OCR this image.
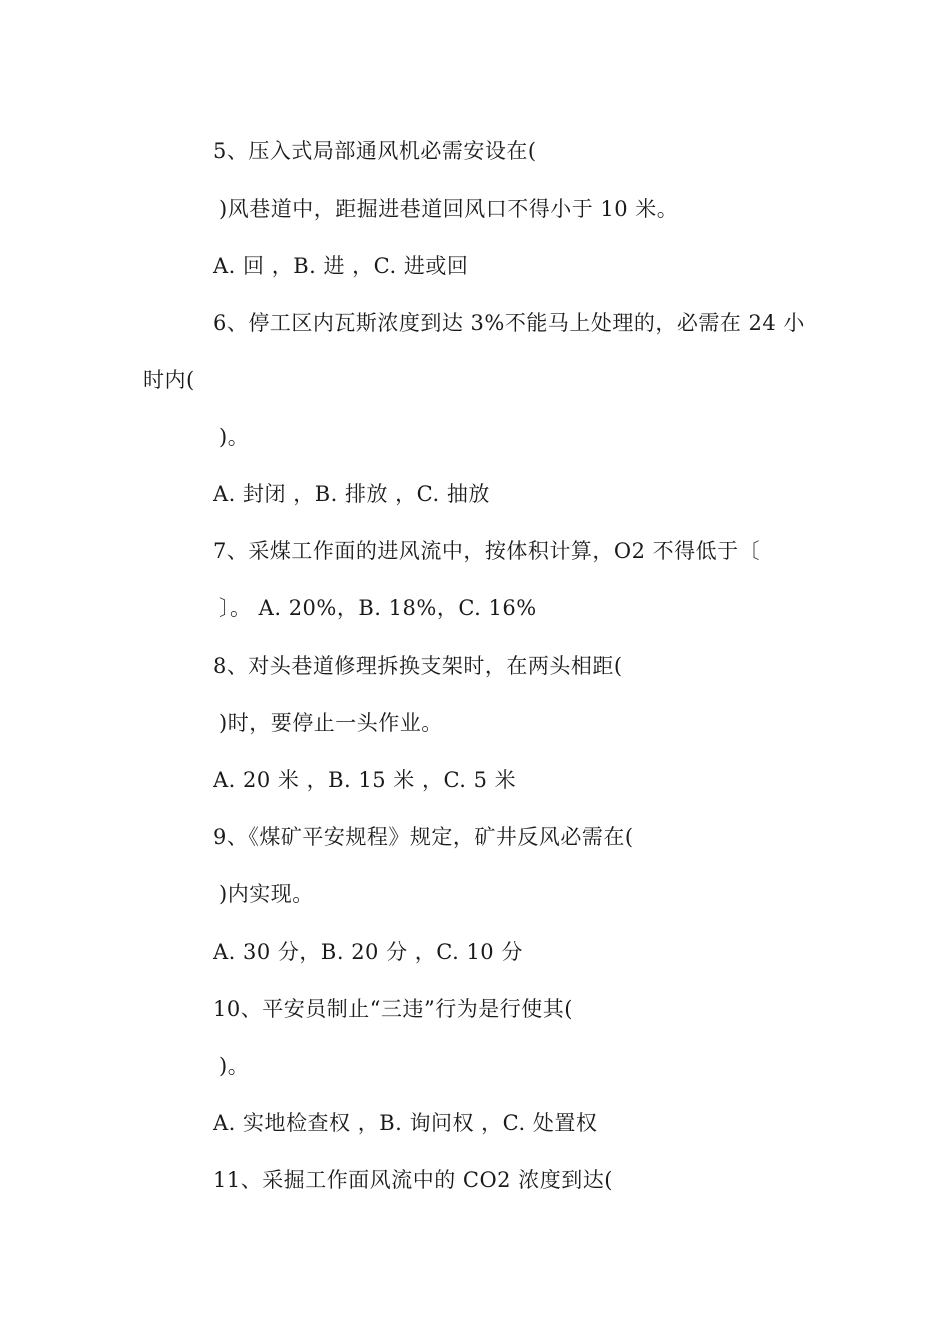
5、压入式局部通风机必需安设在(
)风巷道中，距掘进巷道回风口不得小于 10 米。
A. 回 ，B. 进 ，C. 进或回
6、停工区内瓦斯浓度到达 3%不能马上处理的，必需在 24 小
时内(
)。
A. 封闭 ，B. 排放 ，C. 抽放
7、采煤工作面的进风流中，按体积计算，O2 不得低于〔
〕。 A. 20%，B. 18%，C. 16%
8、对头巷道修理拆换支架时，在两头相距(
)时，要停止一头作业。
A. 20 米 ，B. 15 米 ，C. 5 米
9、《煤矿平安规程》规定，矿井反风必需在(
)内实现。
A. 30 分，B. 20 分 ，C. 10 分
10、平安员制止“三违”行为是行使其(
)。
A. 实地检查权 ，B. 询问权 ，C. 处置权
11、采掘工作面风流中的 CO2 浓度到达(
